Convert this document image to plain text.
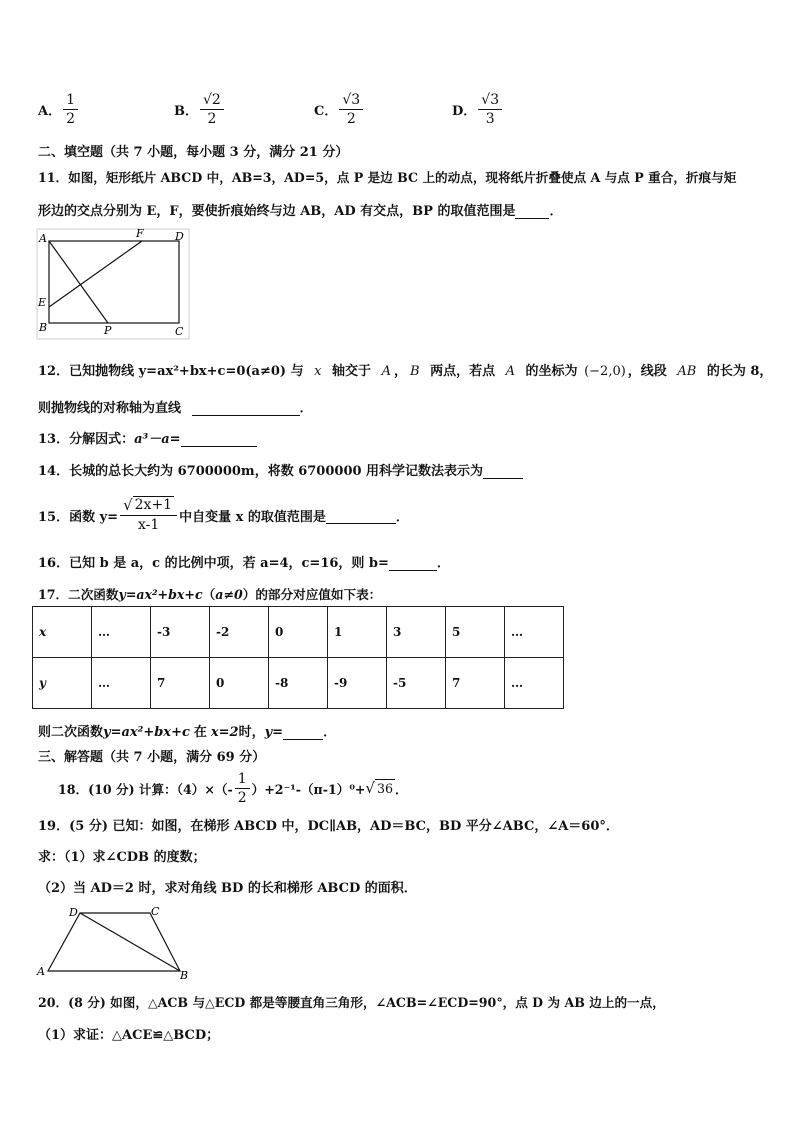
A． $\frac{1}{2}$	B． $\frac{√2}{2}$	C． $\frac{√3}{2}$	D． $\frac{√3}{3}$
二、填空题（共 7 小题，每小题 3 分，满分 21 分）
11．如图，矩形纸片 ABCD 中，AB=3，AD=5，点 P 是边 BC 上的动点，现将纸片折叠使点 A 与点 P 重合，折痕与矩
形边的交点分别为 E，F，要使折痕始终与边 AB，AD 有交点，BP 的取值范围是	．
A	F	D
E
B	P	C
12．已知抛物线 y=ax²+bx+c=0(a≠0) 与 x 轴交于 A ， B 两点，若点 A 的坐标为 (−2,0) ，线段 AB 的长为 8，
则抛物线的对称轴为直线	．
13．分解因式：a³－a=
14．长城的总长大约为 6700000m，将数 6700000 用科学记数法表示为
15．函数 $y= \frac{√ 2x+1}{x-1}$ 中自变量 x 的取值范围是
	．
16．已知 b 是 a，c 的比例中项，若 a=4，c=16，则 b=	．
17．二次函数y=ax²+bx+c（a≠0）的部分对应值如下表：
x	…	-3	-2	0	1	3	5	…
y	…	7	0	-8	-9	-5	7	…
则二次函数y=ax²+bx+c 在 x=2时，y=	．
三、解答题（共 7 小题，满分 69 分）
18．(10 分) 计算：$(4)\times(- \frac{1}{2} )+2^{-1}-(\pi-1)^0+$ √ 36 ．
19．(5 分) 已知：如图，在梯形 ABCD 中，DC∥AB，AD＝BC，BD 平分∠ABC，∠A＝60°．
求：（1）求∠CDB 的度数；
（2）当 AD＝2 时，求对角线 BD 的长和梯形 ABCD 的面积．
D	C
A	B
20．(8 分) 如图，△ACB 与△ECD 都是等腰直角三角形，∠ACB=∠ECD=90°，点 D 为 AB 边上的一点，
（1）求证：△ACE≌△BCD；
